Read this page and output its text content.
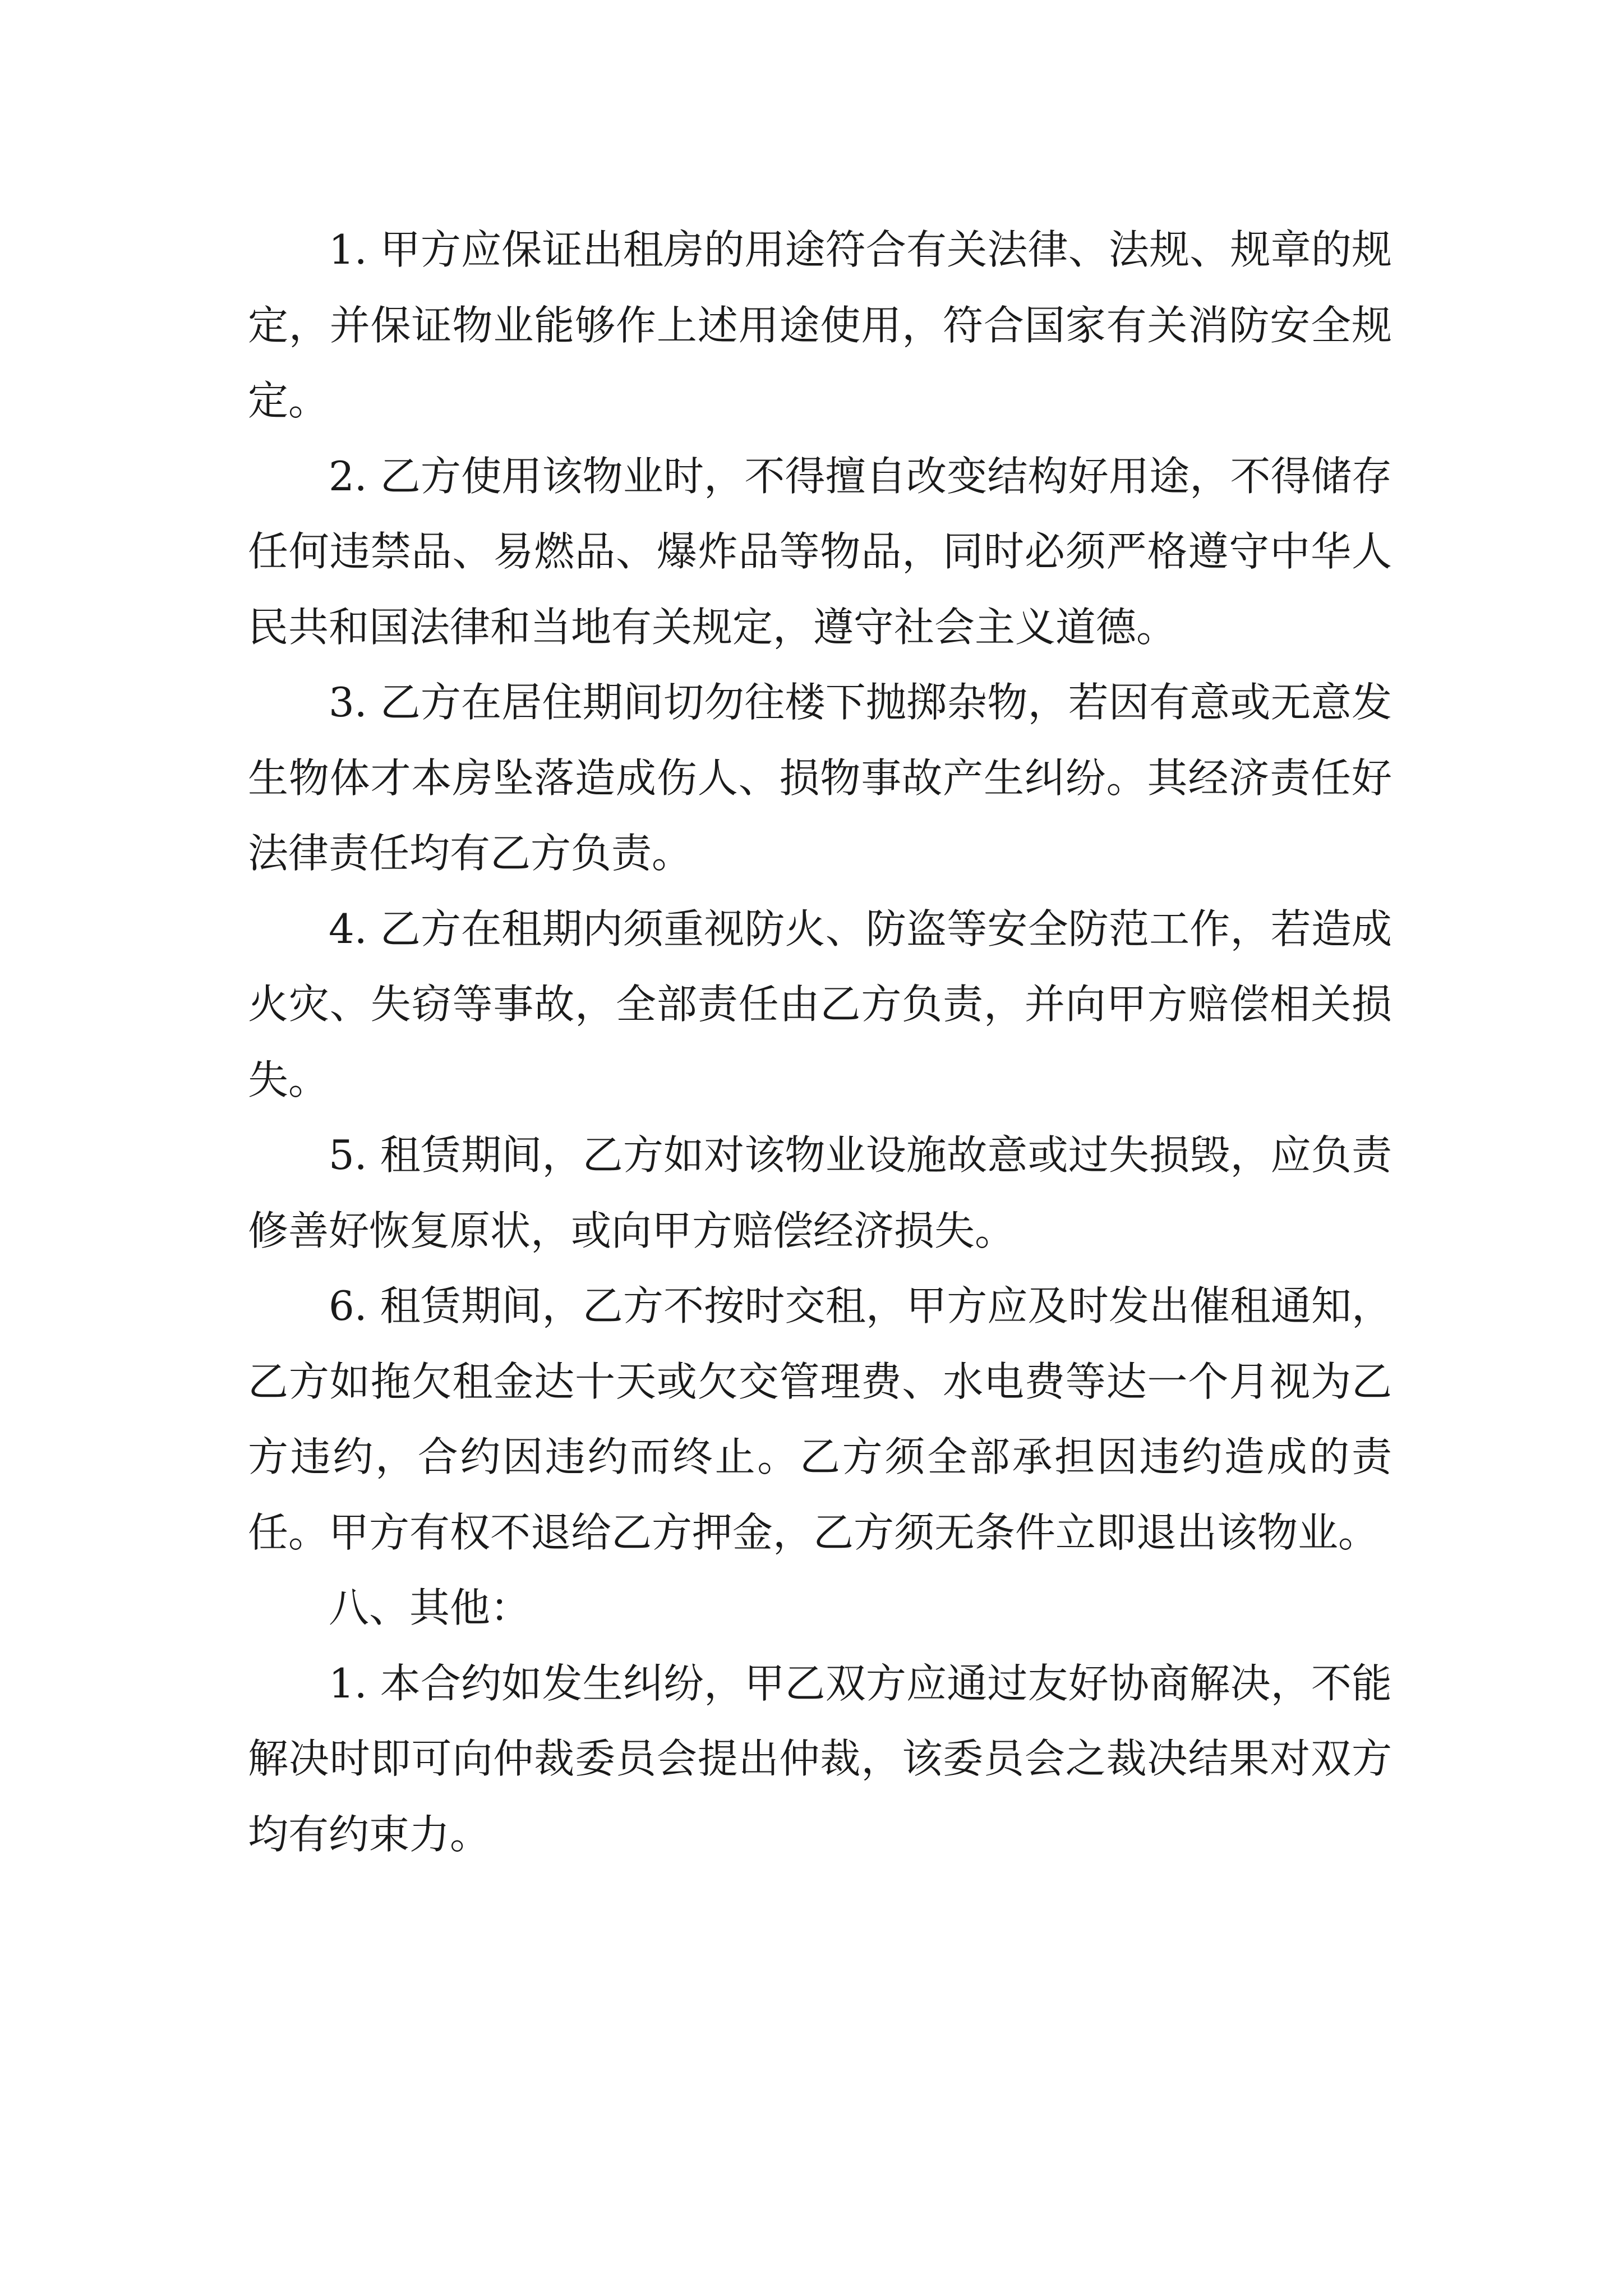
1. 甲方应保证出租房的用途符合有关法律、法规、规章的规定，并保证物业能够作上述用途使用，符合国家有关消防安全规定。

2. 乙方使用该物业时，不得擅自改变结构好用途，不得储存任何违禁品、易燃品、爆炸品等物品，同时必须严格遵守中华人民共和国法律和当地有关规定，遵守社会主义道德。

3. 乙方在居住期间切勿往楼下抛掷杂物，若因有意或无意发生物体才本房坠落造成伤人、损物事故产生纠纷。其经济责任好法律责任均有乙方负责。

4. 乙方在租期内须重视防火、防盗等安全防范工作，若造成火灾、失窃等事故，全部责任由乙方负责，并向甲方赔偿相关损失。

5. 租赁期间，乙方如对该物业设施故意或过失损毁，应负责修善好恢复原状，或向甲方赔偿经济损失。

6. 租赁期间，乙方不按时交租，甲方应及时发出催租通知，乙方如拖欠租金达十天或欠交管理费、水电费等达一个月视为乙方违约，合约因违约而终止。乙方须全部承担因违约造成的责任。甲方有权不退给乙方押金，乙方须无条件立即退出该物业。

八、其他：

1. 本合约如发生纠纷，甲乙双方应通过友好协商解决，不能解决时即可向仲裁委员会提出仲裁，该委员会之裁决结果对双方均有约束力。
